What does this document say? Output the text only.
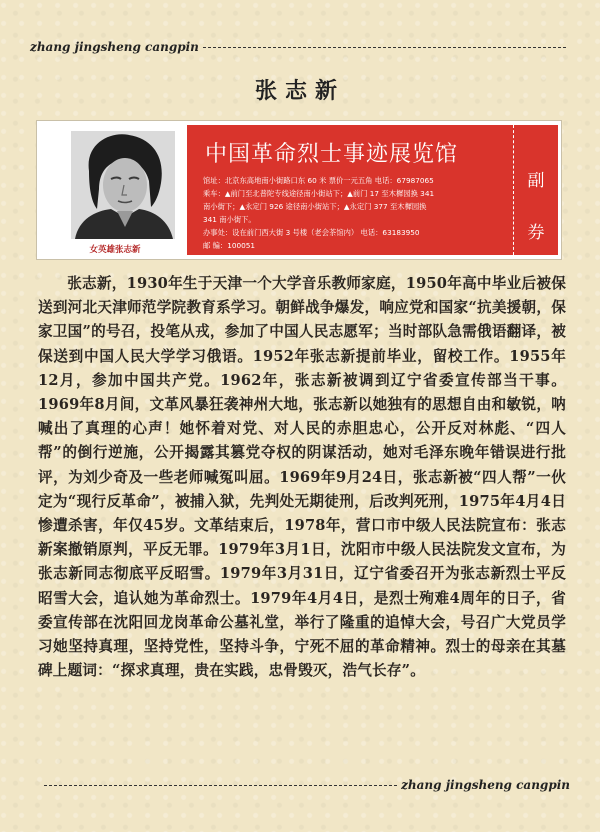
zhang jingsheng cangpin
张志新
女英雄张志新
中国革命烈士事迹展览馆
馆址：北京东高地南小街路口东 60 米 票价一元五角 电话：67987065
乘车：▲前门至北普陀专线途径南小街站下；▲前门 17 至木樨园换 341
南小街下；▲永定门 926 途径南小街站下；▲永定门 377 至木樨园换
341 南小街下。
办事处：设在前门西大街 3 号楼（老会茶馆内） 电话：63183950
邮 编：100051
副
券
张志新，1930年生于天津一个大学音乐教师家庭，1950年高中毕业后被保送到河北天津师范学院教育系学习。朝鲜战争爆发，响应党和国家“抗美援朝，保家卫国”的号召，投笔从戎，参加了中国人民志愿军；当时部队急需俄语翻译，被保送到中国人民大学学习俄语。1952年张志新提前毕业，留校工作。1955年12月，参加中国共产党。1962年，张志新被调到辽宁省委宣传部当干事。1969年8月间，文革风暴狂袭神州大地，张志新以她独有的思想自由和敏锐，呐喊出了真理的心声！她怀着对党、对人民的赤胆忠心，公开反对林彪、“四人帮”的倒行逆施，公开揭露其篡党夺权的阴谋活动，她对毛泽东晚年错误进行批评，为刘少奇及一些老师喊冤叫屈。1969年9月24日，张志新被“四人帮”一伙定为“现行反革命”，被捕入狱，先判处无期徒刑，后改判死刑，1975年4月4日惨遭杀害，年仅45岁。文革结束后，1978年，营口市中级人民法院宣布：张志新案撤销原判，平反无罪。1979年3月1日，沈阳市中级人民法院发文宣布，为张志新同志彻底平反昭雪。1979年3月31日，辽宁省委召开为张志新烈士平反昭雪大会，追认她为革命烈士。1979年4月4日，是烈士殉难4周年的日子，省委宣传部在沈阳回龙岗革命公墓礼堂，举行了隆重的追悼大会，号召广大党员学习她坚持真理，坚持党性，坚持斗争，宁死不屈的革命精神。烈士的母亲在其墓碑上题词：“探求真理，贵在实践，忠骨毁灭，浩气长存”。
zhang jingsheng cangpin
